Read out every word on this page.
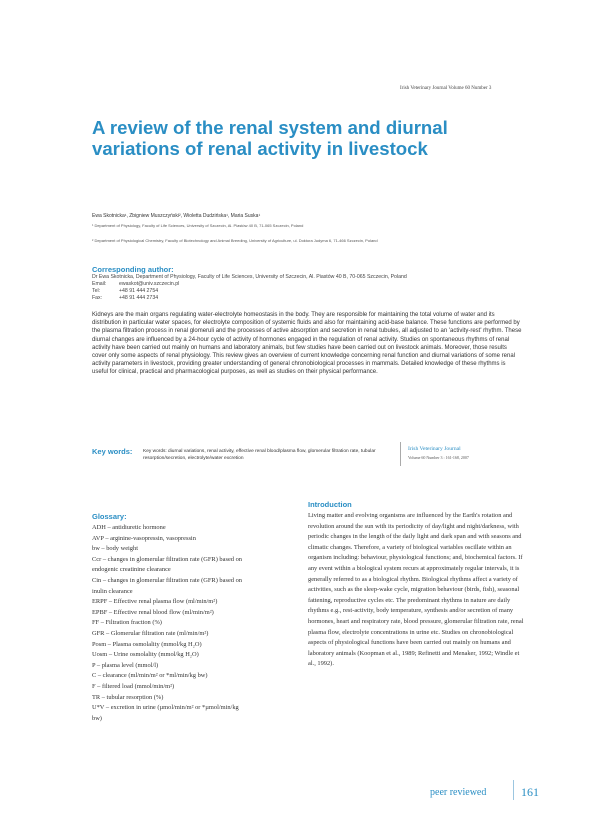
Irish Veterinary Journal Volume 60 Number 3
A review of the renal system and diurnal variations of renal activity in livestock
Ewa Skotnicka¹, Zbigniew Muszczyński², Wioletta Dudzińska¹, Maria Suska¹
¹ Department of Physiology, Faculty of Life Sciences, University of Szczecin, Al. Piastów 40 B, 71-065 Szczecin, Poland
² Department of Physiological Chemistry, Faculty of Biotechnology and Animal Breeding, University of Agriculture, ul. Doktora Judyma 6, 71-466 Szczecin, Poland
Corresponding author:
Dr Ewa Skotnicka, Department of Physiology, Faculty of Life Sciences, University of Szczecin, Al. Piastów 40 B, 70-065 Szczecin, Poland
Email: ewaskot@univ.szczecin.pl
Tel:	+48 91 444 2754
Fax:	+48 91 444 2734

Kidneys are the main organs regulating water-electrolyte homeostasis in the body. They are responsible for maintaining the total volume of water and its distribution in particular water spaces, for electrolyte composition of systemic fluids and also for maintaining acid-base balance. These functions are performed by the plasma filtration process in renal glomeruli and the processes of active absorption and secretion in renal tubules, all adjusted to an 'activity-rest' rhythm. These diurnal changes are influenced by a 24-hour cycle of activity of hormones engaged in the regulation of renal activity. Studies on spontaneous rhythms of renal activity have been carried out mainly on humans and laboratory animals, but few studies have been carried out on livestock animals. Moreover, those results cover only some aspects of renal physiology. This review gives an overview of current knowledge concerning renal function and diurnal variations of some renal activity parameters in livestock, providing greater understanding of general chronobiological processes in mammals. Detailed knowledge of these rhythms is useful for clinical, practical and pharmacological purposes, as well as studies on their physical performance.

Key words: Key words: diurnal variations, renal activity, effective renal blood/plasma flow, glomerular filtration rate, tubular resorption/secretion, electrolyte/water excretion
Irish Veterinary Journal
Volume 60 Number 3 : 161-168, 2007
Glossary:
ADH – antidiuretic hormone
AVP – arginine-vasopressin, vasopressin
bw – body weight
Ccr – changes in glomerular filtration rate (GFR) based on
endogenic creatinine clearance
Cin – changes in glomerular filtration rate (GFR) based on
inulin clearance
ERPF – Effective renal plasma flow (ml/min/m²)
EPBF – Effective renal blood flow (ml/min/m²)
FF – Filtration fraction (%)
GFR – Glomerular filtration rate (ml/min/m²)
Posm – Plasma osmolality (mmol/kg H₂O)
Uosm – Urine osmolality (mmol/kg H₂O)
P – plasma level (mmol/l)
C – clearance (ml/min/m² or *ml/min/kg bw)
F – filtered load (mmol/min/m²)
TR – tubular resorption (%)
U*V – excretion in urine (µmol/min/m² or *µmol/min/kg
bw)
Introduction

Living matter and evolving organisms are influenced by the Earth's rotation and revolution around the sun with its periodicity of day/light and night/darkness, with periodic changes in the length of the daily light and dark span and with seasons and climatic changes. Therefore, a variety of biological variables oscillate within an organism including: behaviour, physiological functions; and, biochemical factors. If any event within a biological system recurs at approximately regular intervals, it is generally referred to as a biological rhythm. Biological rhythms affect a variety of activities, such as the sleep-wake cycle, migration behaviour (birds, fish), seasonal fattening, reproductive cycles etc. The predominant rhythms in nature are daily rhythms e.g., rest-activity, body temperature, synthesis and/or secretion of many hormones, heart and respiratory rate, blood pressure, glomerular filtration rate, renal plasma flow, electrolyte concentrations in urine etc. Studies on chronobiological aspects of physiological functions have been carried out mainly on humans and laboratory animals (Koopman et al., 1989; Refinetti and Menaker, 1992; Windle et al., 1992).

peer reviewed	161
